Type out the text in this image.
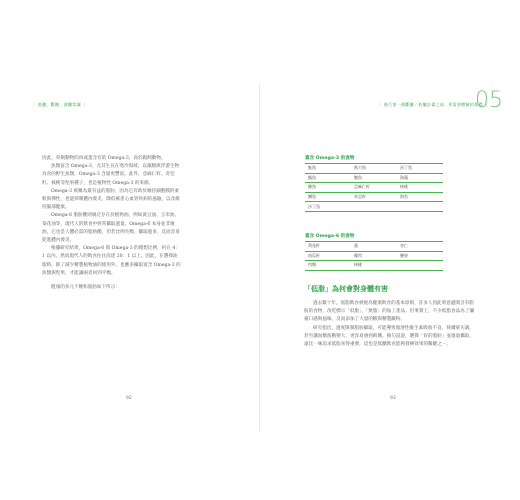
｜ 低醣、斷糖、減醣常識 ｜

因此，草飼動物的肉或蛋含有的 Omega-3，高於穀飼動物。

魚類富含 Omega-3，尤其生長在寒冷海域、以藻類與浮游生物為食的野生魚類，Omega-3 含量更豐富。此外，亞麻仁籽、奇亞籽、核桃等堅果種子，也是植物性 Omega-3 的來源。

Omega-3 被稱為最有益的脂肪，因為它有助於維持細胞膜的柔軟與彈性，也能抑制體內發炎，降低罹患心血管疾病的風險，以及維持腦部健康。

Omega-6 脂肪酸則廣泛存在於植物油，例如黃豆油、玉米油、葵花油等，現代人的飲食中經常攝取過量。Omega-6 本身並非壞油，它也是人體必需的脂肪酸，但若比例失衡、攝取過多，反而容易促進體內發炎。

根據研究結果，Omega-6 與 Omega-3 的理想比例，約在 4：1 以內，然而現代人的飲食往往高達 20：1 以上。因此，在選擇油脂時，除了減少精製植物油的使用外，也應多攝取富含 Omega-3 的魚類與堅果，才能讓兩者回到平衡。

健康的多元不飽和脂肪如下所示：

92
｜ 進行第一個斷醣／低醣計畫之前，你需要瞭解的基礎 ｜
05
富含 Omega-3 的食物
鮭魚	秋刀魚	沙丁魚
鯖魚	鮪魚	海藻
鯡魚	亞麻仁籽	核桃
鱒魚	奇亞籽	海苔
沙丁魚		
富含 Omega-6 的食物
葵花籽	蛋	杏仁
南瓜籽	雞肉	腰果
肉類	核桃	
「低脂」為何會對身體有害

過去數十年，低脂飲食被視為健康飲食的基本原則，許多人因此刻意避開含有脂肪的食物，改吃標示「低脂」、「無脂」的加工產品。但事實上，不少低脂食品為了彌補口感與風味，反而添加了大量的糖與精製澱粉。

研究指出，過度限制脂肪攝取，可能導致脂溶性維生素吸收不良、荷爾蒙失調，甚至讓血糖波動變大、更容易感到飢餓。換句話說，選擇「好的脂肪」並適量攝取，遠比一味追求低脂來得重要，這也是低醣飲食能夠發揮效果的關鍵之一。

93
